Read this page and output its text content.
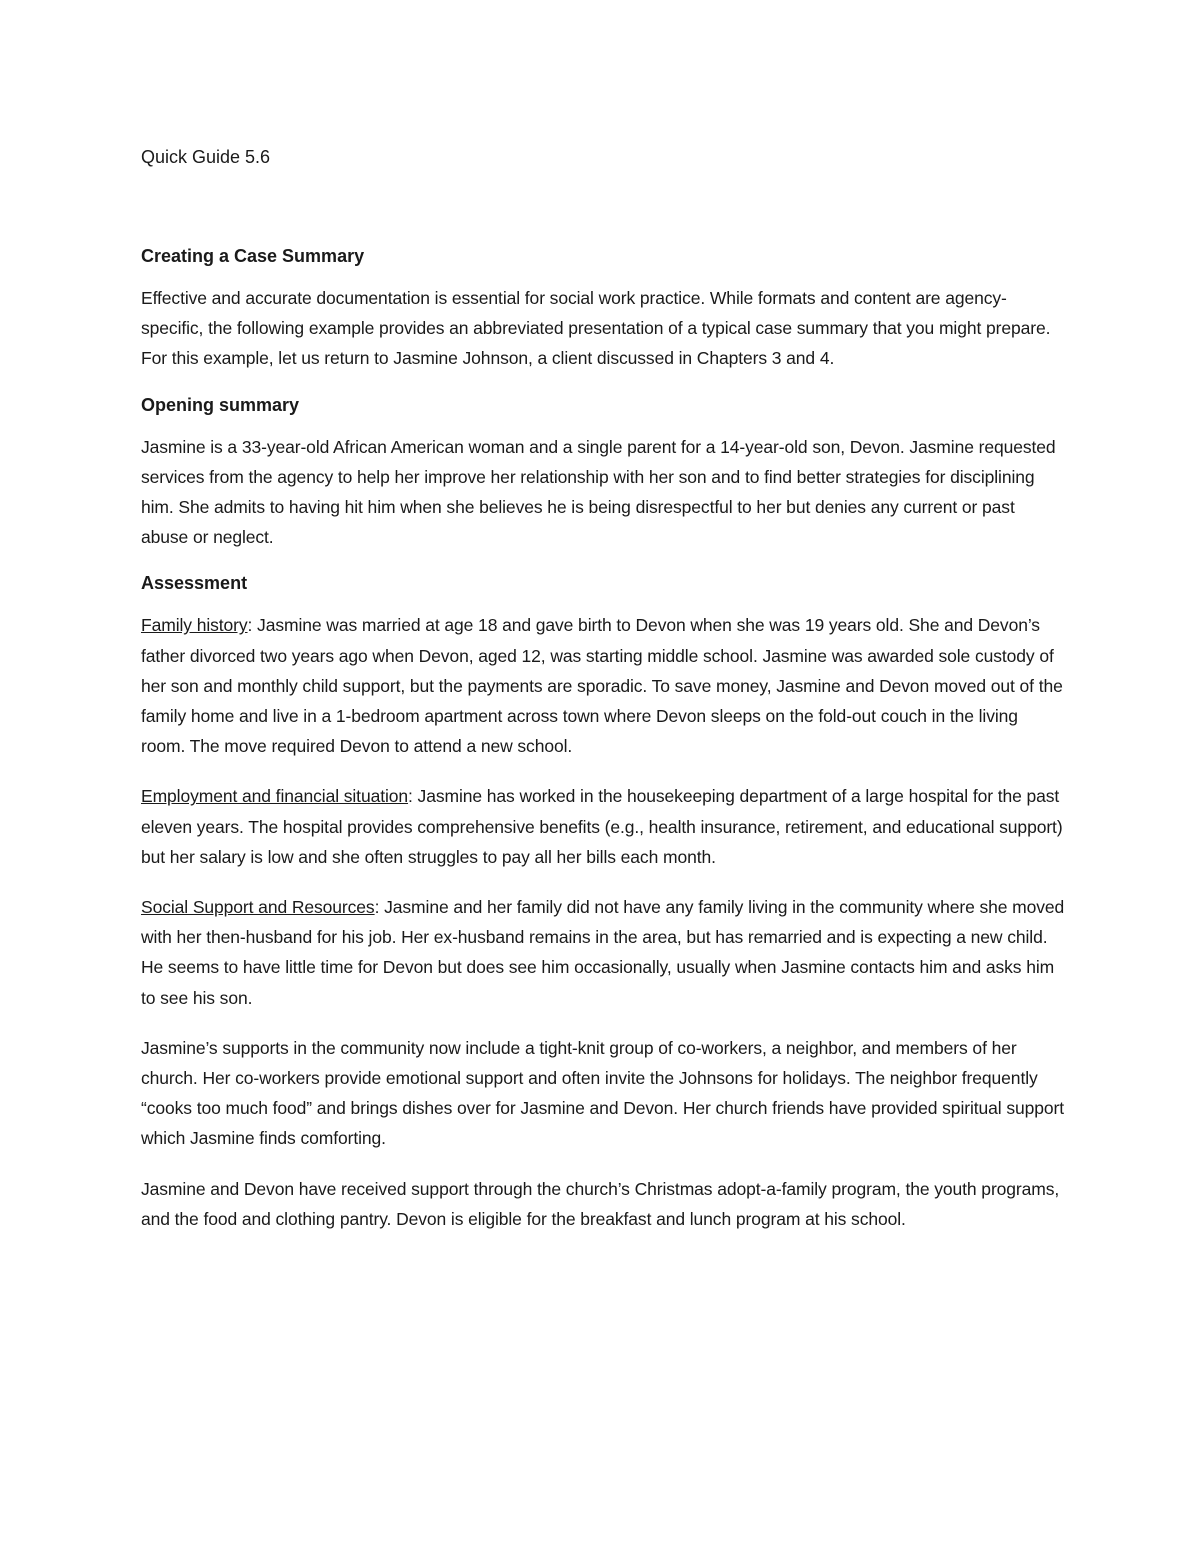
Quick Guide 5.6

Creating a Case Summary

Effective and accurate documentation is essential for social work practice. While formats and content are agency-specific, the following example provides an abbreviated presentation of a typical case summary that you might prepare. For this example, let us return to Jasmine Johnson, a client discussed in Chapters 3 and 4.

Opening summary

Jasmine is a 33-year-old African American woman and a single parent for a 14-year-old son, Devon. Jasmine requested services from the agency to help her improve her relationship with her son and to find better strategies for disciplining him. She admits to having hit him when she believes he is being disrespectful to her but denies any current or past abuse or neglect.

Assessment

Family history: Jasmine was married at age 18 and gave birth to Devon when she was 19 years old. She and Devon’s father divorced two years ago when Devon, aged 12, was starting middle school. Jasmine was awarded sole custody of her son and monthly child support, but the payments are sporadic. To save money, Jasmine and Devon moved out of the family home and live in a 1-bedroom apartment across town where Devon sleeps on the fold-out couch in the living room. The move required Devon to attend a new school.

Employment and financial situation: Jasmine has worked in the housekeeping department of a large hospital for the past eleven years. The hospital provides comprehensive benefits (e.g., health insurance, retirement, and educational support) but her salary is low and she often struggles to pay all her bills each month.

Social Support and Resources: Jasmine and her family did not have any family living in the community where she moved with her then-husband for his job. Her ex-husband remains in the area, but has remarried and is expecting a new child. He seems to have little time for Devon but does see him occasionally, usually when Jasmine contacts him and asks him to see his son.

Jasmine’s supports in the community now include a tight-knit group of co-workers, a neighbor, and members of her church. Her co-workers provide emotional support and often invite the Johnsons for holidays. The neighbor frequently “cooks too much food” and brings dishes over for Jasmine and Devon. Her church friends have provided spiritual support which Jasmine finds comforting.

Jasmine and Devon have received support through the church’s Christmas adopt-a-family program, the youth programs, and the food and clothing pantry. Devon is eligible for the breakfast and lunch program at his school.
